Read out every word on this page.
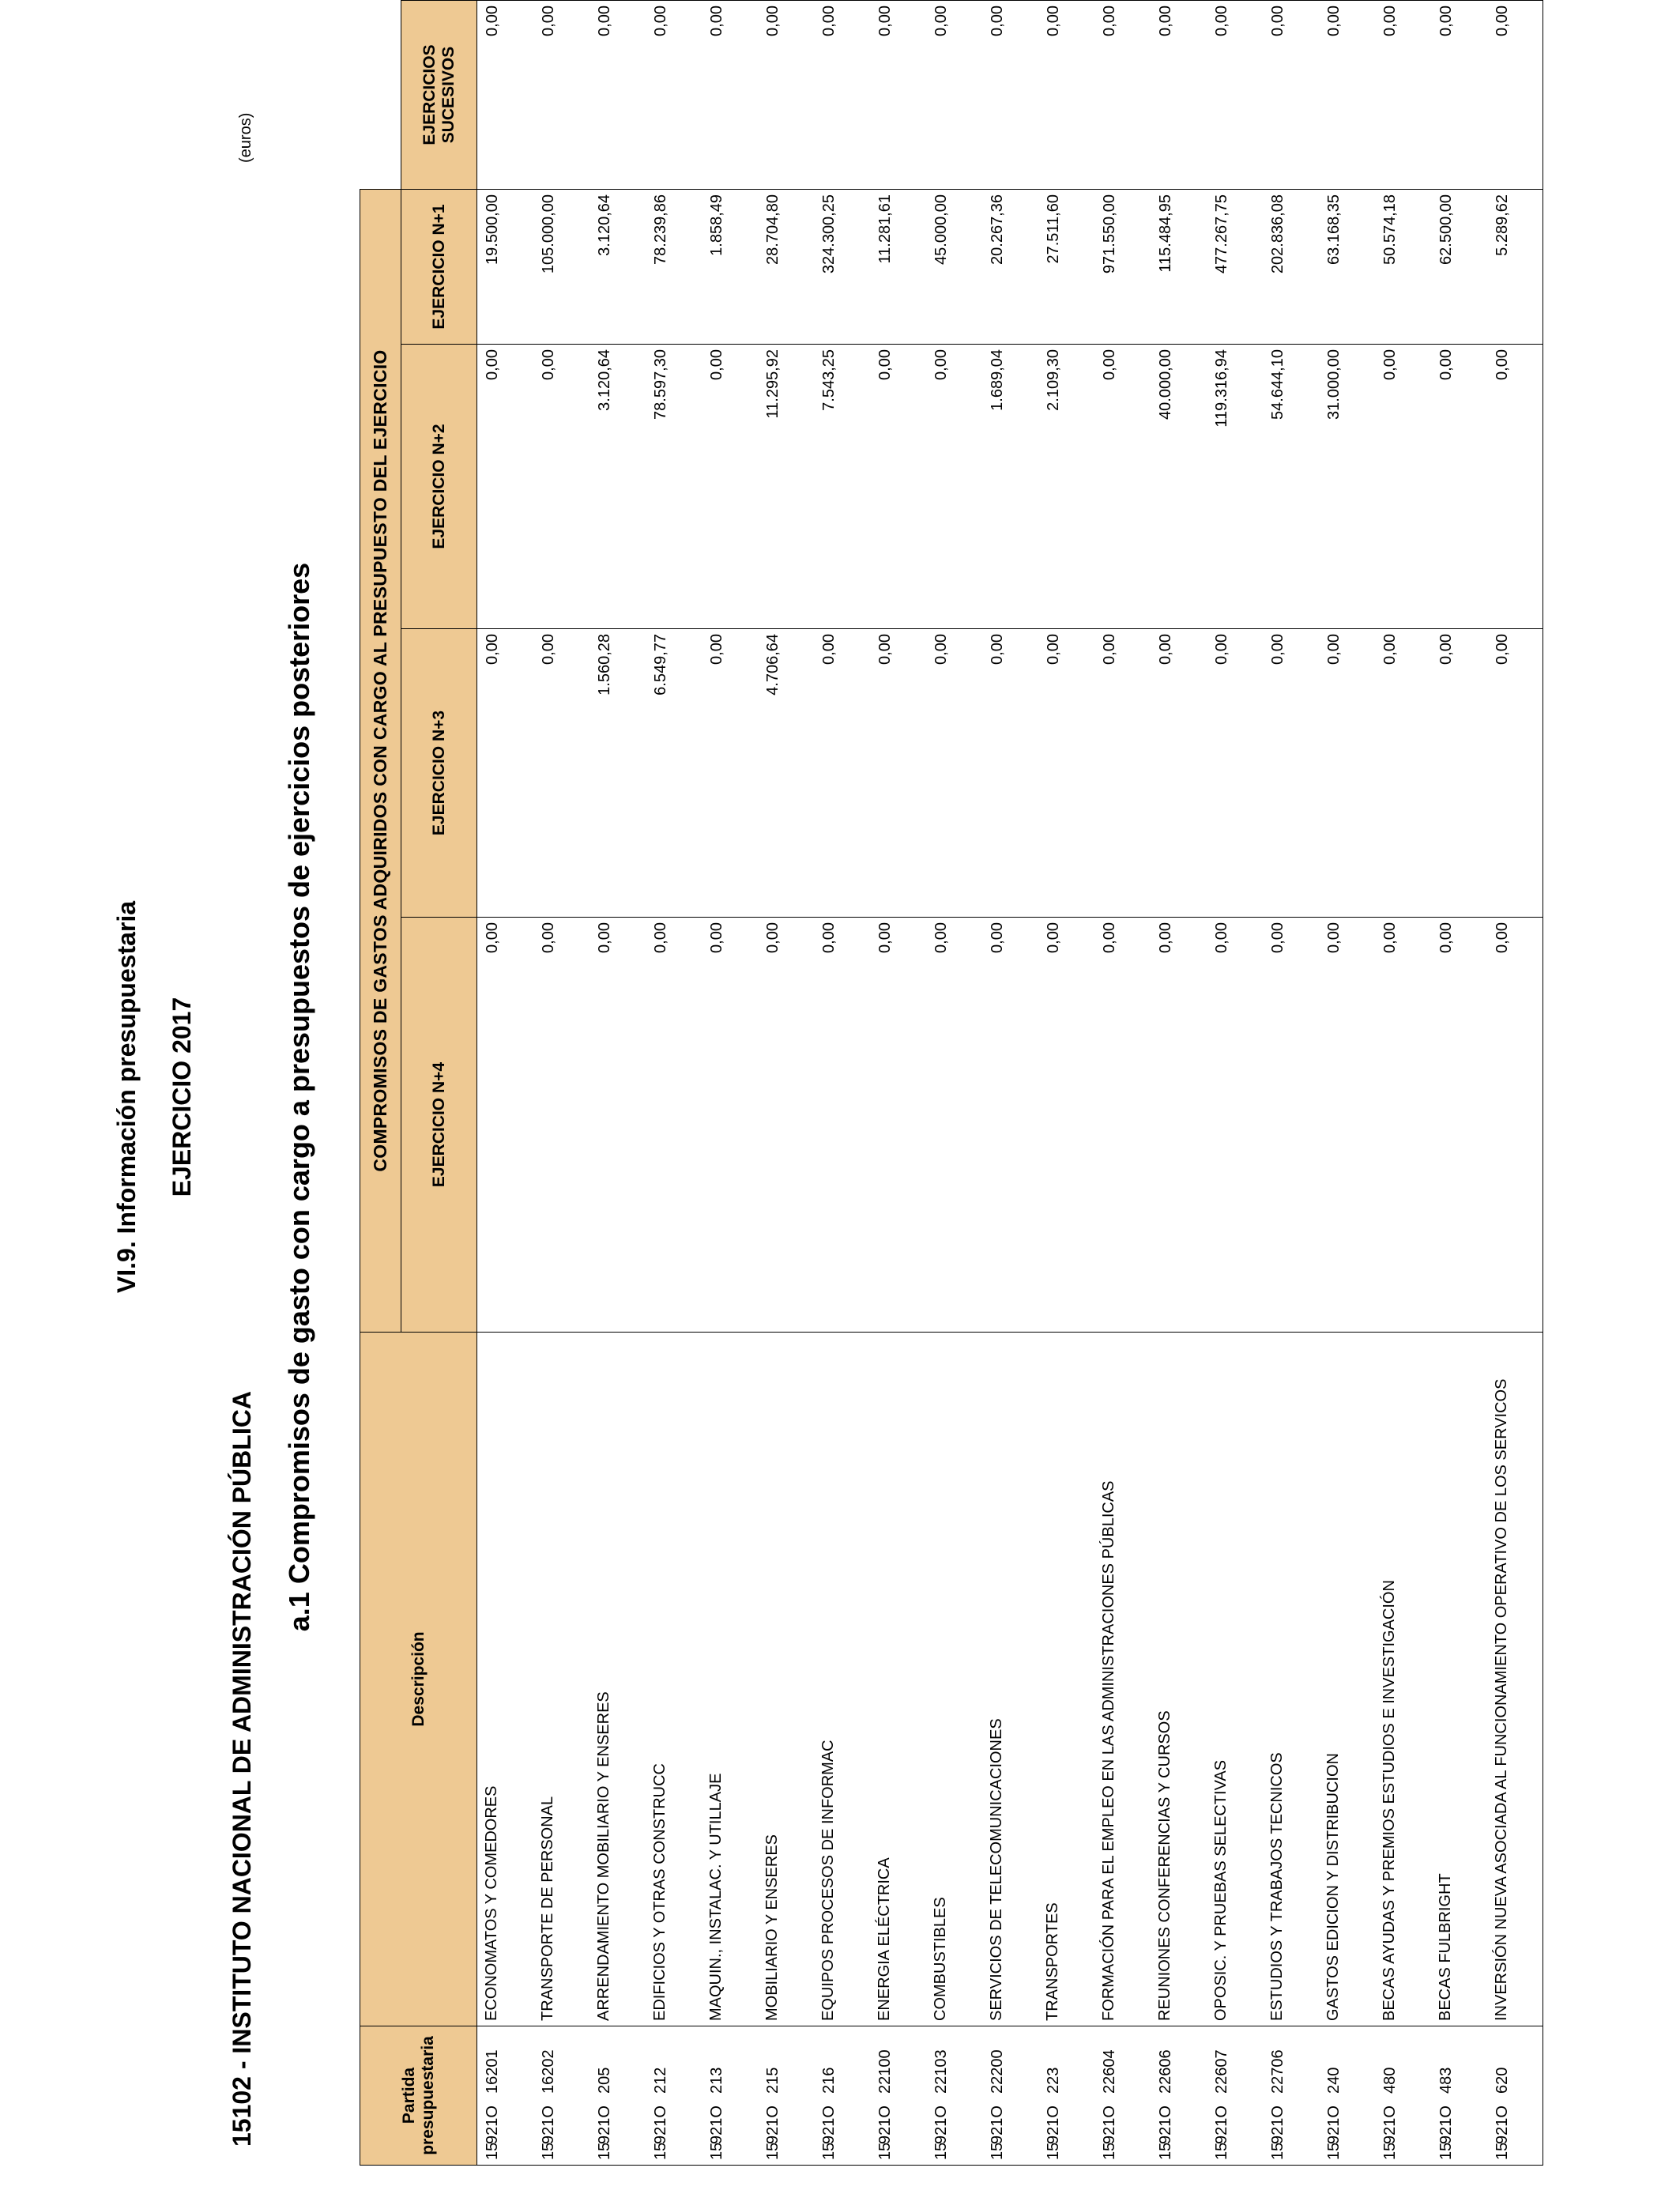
VI.9. Información presupuestaria EJERCICIO 2017
15102 - INSTITUTO NACIONAL DE ADMINISTRACIÓN PÚBLICA
(euros)
a.1 Compromisos de gasto con cargo a presupuestos de ejercicios posteriores
Partida presupuestaria	Descripción	COMPROMISOS DE GASTOS ADQUIRIDOS CON CARGO AL PRESUPUESTO DEL EJERCICIO				
		EJERCICIO N+4	EJERCICIO N+3	EJERCICIO N+2	EJERCICIO N+1	EJERCICIOS SUCESIVOS
15921O16201	ECONOMATOS Y COMEDORES	0,00	0,00	0,00	19.500,00	0,00
15921O16202	TRANSPORTE DE PERSONAL	0,00	0,00	0,00	105.000,00	0,00
15921O205	ARRENDAMIENTO MOBILIARIO Y ENSERES	0,00	1.560,28	3.120,64	3.120,64	0,00
15921O212	EDIFICIOS Y OTRAS CONSTRUCC	0,00	6.549,77	78.597,30	78.239,86	0,00
15921O213	MAQUIN., INSTALAC. Y UTILLAJE	0,00	0,00	0,00	1.858,49	0,00
15921O215	MOBILIARIO Y ENSERES	0,00	4.706,64	11.295,92	28.704,80	0,00
15921O216	EQUIPOS PROCESOS DE INFORMAC	0,00	0,00	7.543,25	324.300,25	0,00
15921O22100	ENERGIA ELÉCTRICA	0,00	0,00	0,00	11.281,61	0,00
15921O22103	COMBUSTIBLES	0,00	0,00	0,00	45.000,00	0,00
15921O22200	SERVICIOS DE TELECOMUNICACIONES	0,00	0,00	1.689,04	20.267,36	0,00
15921O223	TRANSPORTES	0,00	0,00	2.109,30	27.511,60	0,00
15921O22604	FORMACIÓN PARA EL EMPLEO EN LAS ADMINISTRACIONES PÚBLICAS	0,00	0,00	0,00	971.550,00	0,00
15921O22606	REUNIONES CONFERENCIAS Y CURSOS	0,00	0,00	40.000,00	115.484,95	0,00
15921O22607	OPOSIC. Y PRUEBAS SELECTIVAS	0,00	0,00	119.316,94	477.267,75	0,00
15921O22706	ESTUDIOS Y TRABAJOS TECNICOS	0,00	0,00	54.644,10	202.836,08	0,00
15921O240	GASTOS EDICION Y DISTRIBUCION	0,00	0,00	31.000,00	63.168,35	0,00
15921O480	BECAS AYUDAS Y PREMIOS ESTUDIOS E INVESTIGACIÓN	0,00	0,00	0,00	50.574,18	0,00
15921O483	BECAS FULBRIGHT	0,00	0,00	0,00	62.500,00	0,00
15921O620	INVERSIÓN NUEVA ASOCIADA AL FUNCIONAMIENTO OPERATIVO DE LOS SERVICOS	0,00	0,00	0,00	5.289,62	0,00
